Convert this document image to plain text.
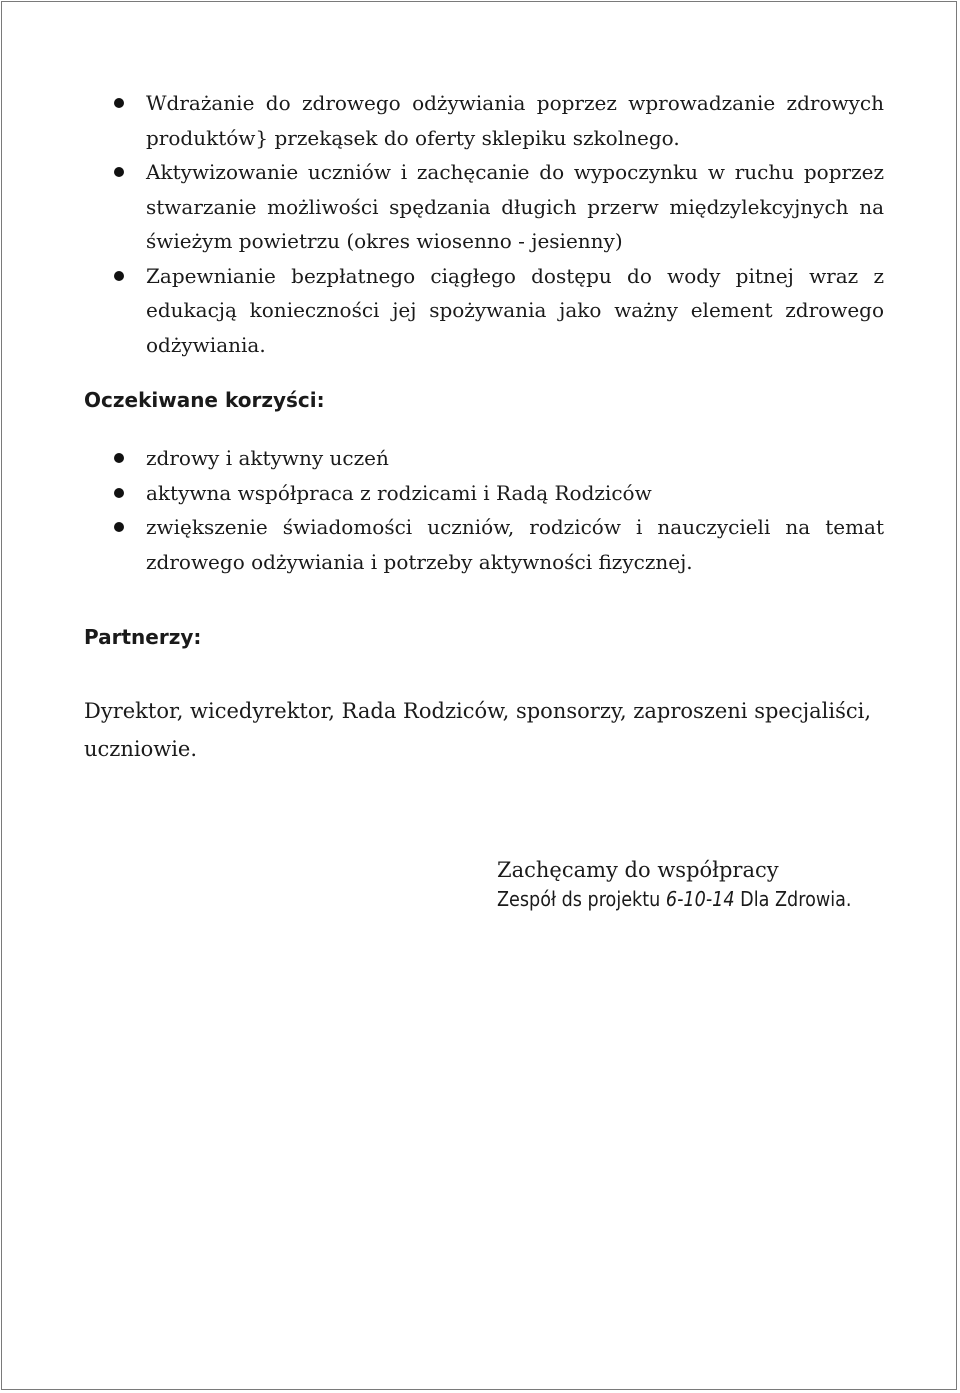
Wdrażanie do zdrowego odżywiania poprzez wprowadzanie zdrowych produktów} przekąsek do oferty sklepiku szkolnego.
Aktywizowanie uczniów i zachęcanie do wypoczynku w ruchu poprzez stwarzanie możliwości spędzania długich przerw międzylekcyjnych na świeżym powietrzu (okres wiosenno - jesienny)
Zapewnianie bezpłatnego ciągłego dostępu do wody pitnej wraz z edukacją konieczności jej spożywania jako ważny element zdrowego odżywiania.
Oczekiwane korzyści:
zdrowy i aktywny uczeń
aktywna współpraca z rodzicami i Radą Rodziców
zwiększenie świadomości uczniów, rodziców i nauczycieli na temat zdrowego odżywiania i potrzeby aktywności fizycznej.
Partnerzy:
Dyrektor, wicedyrektor, Rada Rodziców, sponsorzy, zaproszeni specjaliści, uczniowie.
Zachęcamy do współpracy
Zespół ds projektu 6-10-14 Dla Zdrowia.
